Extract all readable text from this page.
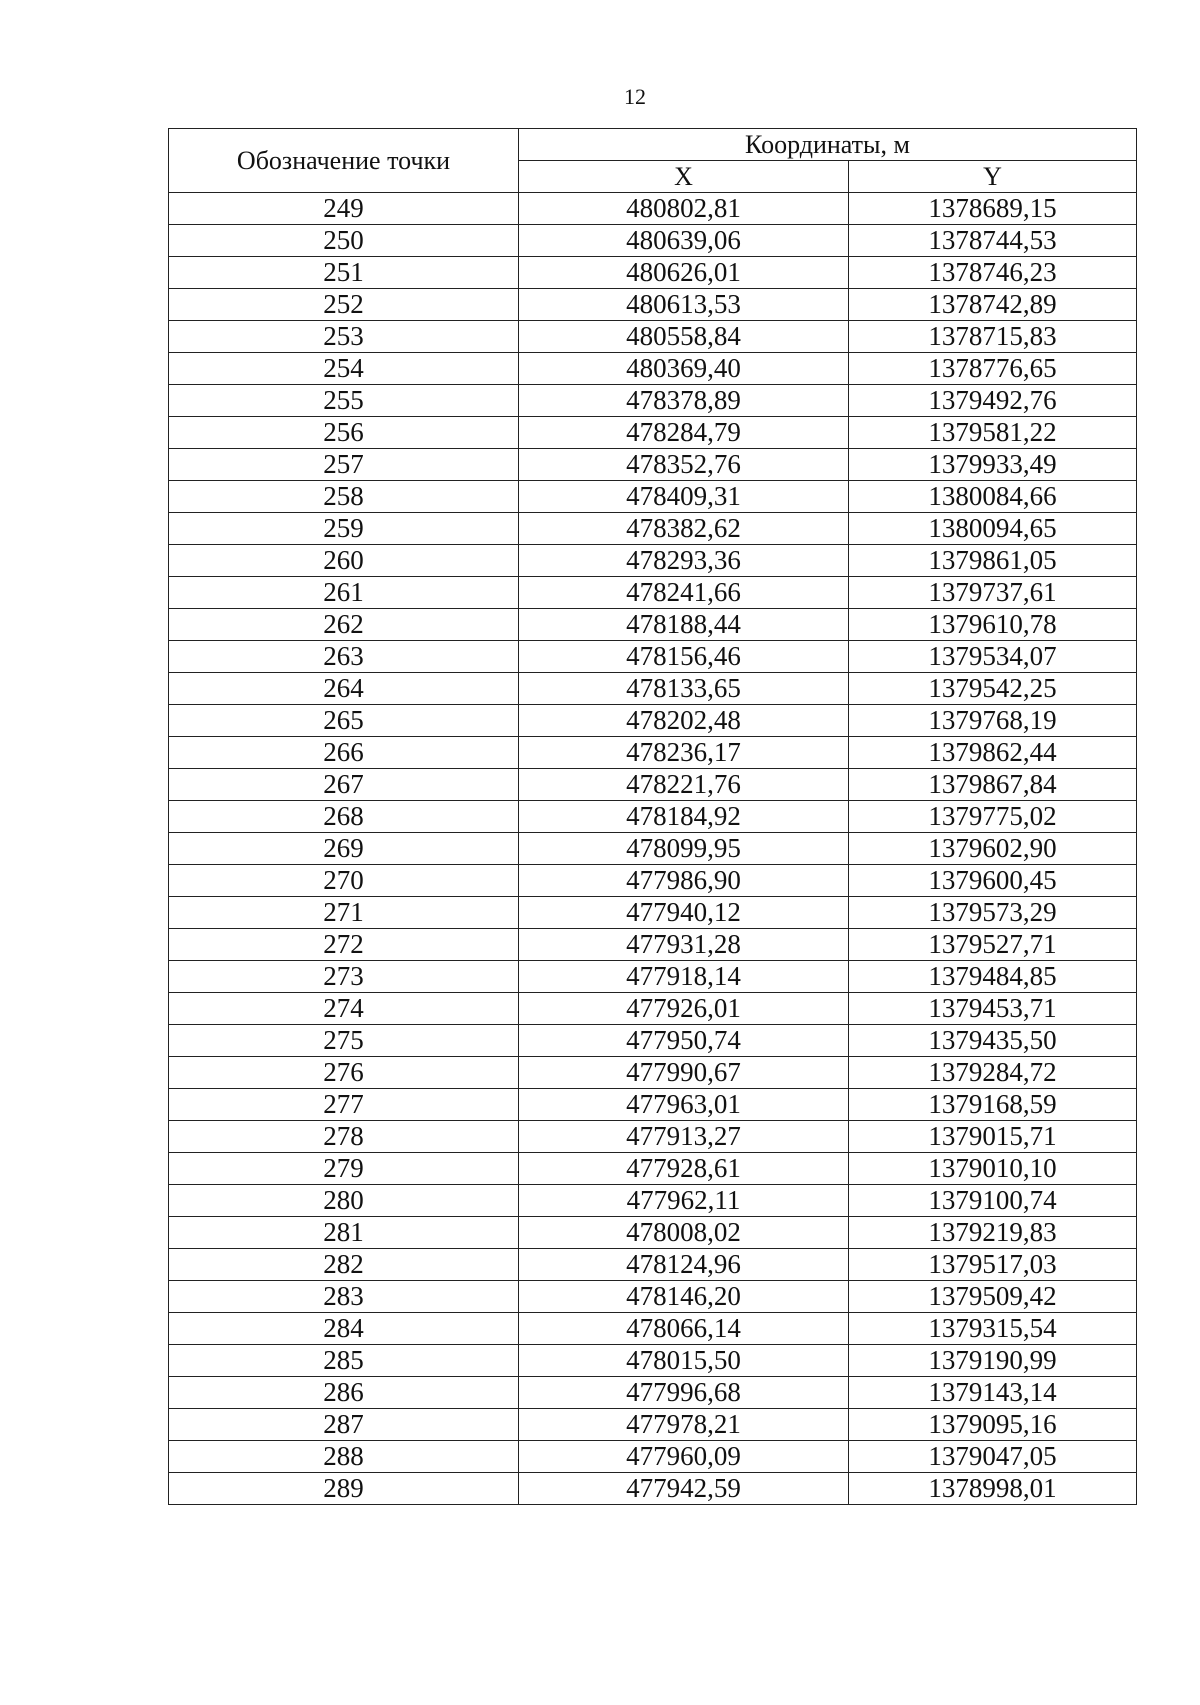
12
Обозначение точки	Координаты, м	
	X	Y
249	480802,81	1378689,15
250	480639,06	1378744,53
251	480626,01	1378746,23
252	480613,53	1378742,89
253	480558,84	1378715,83
254	480369,40	1378776,65
255	478378,89	1379492,76
256	478284,79	1379581,22
257	478352,76	1379933,49
258	478409,31	1380084,66
259	478382,62	1380094,65
260	478293,36	1379861,05
261	478241,66	1379737,61
262	478188,44	1379610,78
263	478156,46	1379534,07
264	478133,65	1379542,25
265	478202,48	1379768,19
266	478236,17	1379862,44
267	478221,76	1379867,84
268	478184,92	1379775,02
269	478099,95	1379602,90
270	477986,90	1379600,45
271	477940,12	1379573,29
272	477931,28	1379527,71
273	477918,14	1379484,85
274	477926,01	1379453,71
275	477950,74	1379435,50
276	477990,67	1379284,72
277	477963,01	1379168,59
278	477913,27	1379015,71
279	477928,61	1379010,10
280	477962,11	1379100,74
281	478008,02	1379219,83
282	478124,96	1379517,03
283	478146,20	1379509,42
284	478066,14	1379315,54
285	478015,50	1379190,99
286	477996,68	1379143,14
287	477978,21	1379095,16
288	477960,09	1379047,05
289	477942,59	1378998,01
